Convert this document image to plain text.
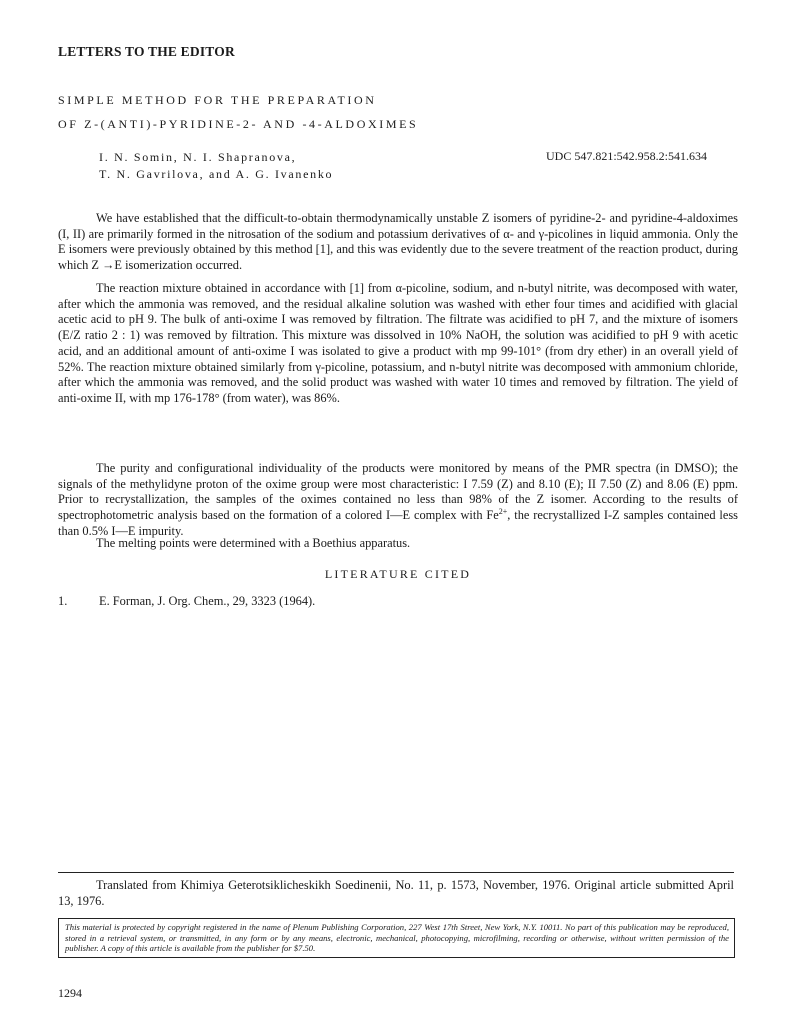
LETTERS TO THE EDITOR
SIMPLE METHOD FOR THE PREPARATION
OF Z-(ANTI)-PYRIDINE-2- AND -4-ALDOXIMES
I. N. Somin, N. I. Shapranova,
T. N. Gavrilova, and A. G. Ivanenko
UDC 547.821:542.958.2:541.634

We have established that the difficult-to-obtain thermodynamically unstable Z isomers of pyridine-2- and pyridine-4-aldoximes (I, II) are primarily formed in the nitrosation of the sodium and potassium derivatives of α- and γ-picolines in liquid ammonia. Only the E isomers were previously obtained by this method [1], and this was evidently due to the severe treatment of the reaction product, during which Z →E isomerization occurred.

The reaction mixture obtained in accordance with [1] from α-picoline, sodium, and n-butyl nitrite, was decomposed with water, after which the ammonia was removed, and the residual alkaline solution was washed with ether four times and acidified with glacial acetic acid to pH 9. The bulk of anti-oxime I was removed by filtration. The filtrate was acidified to pH 7, and the mixture of isomers (E/Z ratio 2 : 1) was removed by filtration. This mixture was dissolved in 10% NaOH, the solution was acidified to pH 9 with acetic acid, and an additional amount of anti-oxime I was isolated to give a product with mp 99-101° (from dry ether) in an overall yield of 52%. The reaction mixture obtained similarly from γ-picoline, potassium, and n-butyl nitrite was decomposed with ammonium chloride, after which the ammonia was removed, and the solid product was washed with water 10 times and removed by filtration. The yield of anti-oxime II, with mp 176-178° (from water), was 86%.

The purity and configurational individuality of the products were monitored by means of the PMR spectra (in DMSO); the signals of the methylidyne proton of the oxime group were most characteristic: I 7.59 (Z) and 8.10 (E); II 7.50 (Z) and 8.06 (E) ppm. Prior to recrystallization, the samples of the oximes contained no less than 98% of the Z isomer. According to the results of spectrophotometric analysis based on the formation of a colored I—E complex with $Fe^{2+}$, the recrystallized I-Z samples contained less than 0.5% I—E impurity.

The melting points were determined with a Boethius apparatus.

LITERATURE CITED
1.	E. Forman, J. Org. Chem., 29, 3323 (1964).
Translated from Khimiya Geterotsiklicheskikh Soedinenii, No. 11, p. 1573, November, 1976. Original article submitted April 13, 1976.
This material is protected by copyright registered in the name of Plenum Publishing Corporation, 227 West 17th Street, New York, N.Y. 10011. No part of this publication may be reproduced, stored in a retrieval system, or transmitted, in any form or by any means, electronic, mechanical, photocopying, microfilming, recording or otherwise, without written permission of the publisher. A copy of this article is available from the publisher for $7.50.
1294
